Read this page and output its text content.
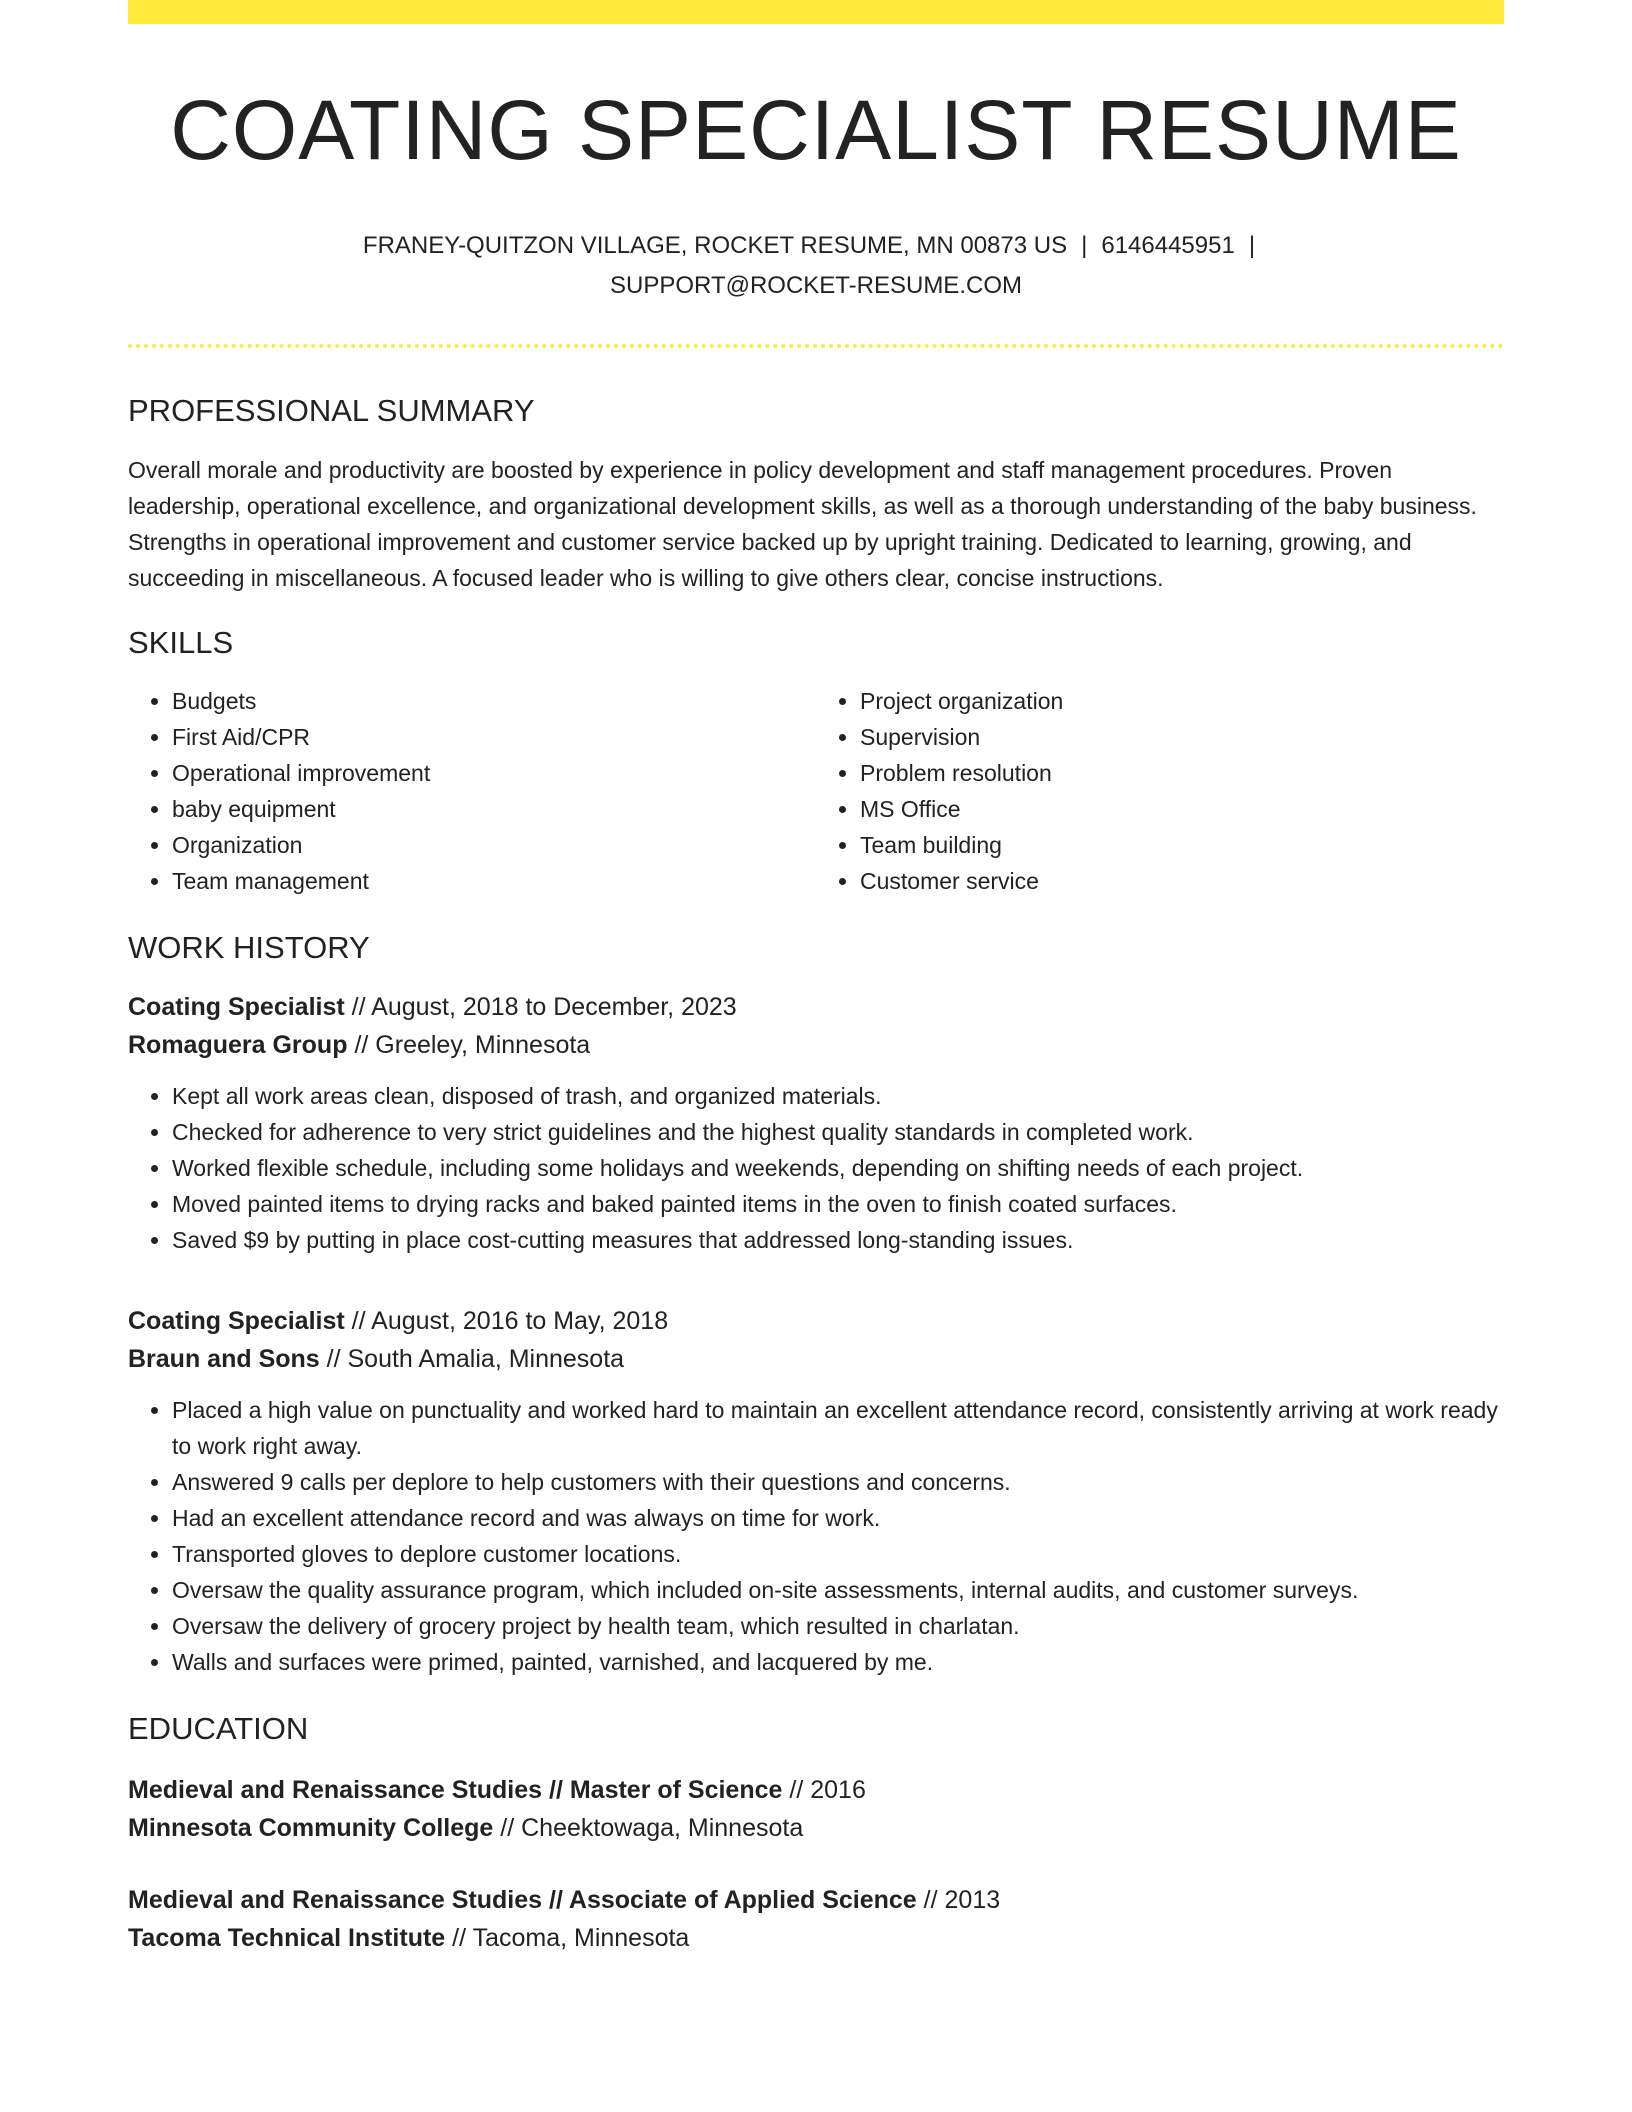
COATING SPECIALIST RESUME
FRANEY-QUITZON VILLAGE, ROCKET RESUME, MN 00873 US | 6146445951 |
SUPPORT@ROCKET-RESUME.COM
PROFESSIONAL SUMMARY

Overall morale and productivity are boosted by experience in policy development and staff management procedures. Proven leadership, operational excellence, and organizational development skills, as well as a thorough understanding of the baby business. Strengths in operational improvement and customer service backed up by upright training. Dedicated to learning, growing, and succeeding in miscellaneous. A focused leader who is willing to give others clear, concise instructions.

SKILLS
• Budgets
• First Aid/CPR
• Operational improvement
• baby equipment
• Organization
• Team management
• Project organization
• Supervision
• Problem resolution
• MS Office
• Team building
• Customer service
WORK HISTORY
Coating Specialist // August, 2018 to December, 2023
Romaguera Group // Greeley, Minnesota
• Kept all work areas clean, disposed of trash, and organized materials.
• Checked for adherence to very strict guidelines and the highest quality standards in completed work.
• Worked flexible schedule, including some holidays and weekends, depending on shifting needs of each project.
• Moved painted items to drying racks and baked painted items in the oven to finish coated surfaces.
• Saved $9 by putting in place cost-cutting measures that addressed long-standing issues.
Coating Specialist // August, 2016 to May, 2018
Braun and Sons // South Amalia, Minnesota
• Placed a high value on punctuality and worked hard to maintain an excellent attendance record, consistently arriving at work ready to work right away.
• Answered 9 calls per deplore to help customers with their questions and concerns.
• Had an excellent attendance record and was always on time for work.
• Transported gloves to deplore customer locations.
• Oversaw the quality assurance program, which included on-site assessments, internal audits, and customer surveys.
• Oversaw the delivery of grocery project by health team, which resulted in charlatan.
• Walls and surfaces were primed, painted, varnished, and lacquered by me.
EDUCATION
Medieval and Renaissance Studies // Master of Science // 2016
Minnesota Community College // Cheektowaga, Minnesota
Medieval and Renaissance Studies // Associate of Applied Science // 2013
Tacoma Technical Institute // Tacoma, Minnesota
